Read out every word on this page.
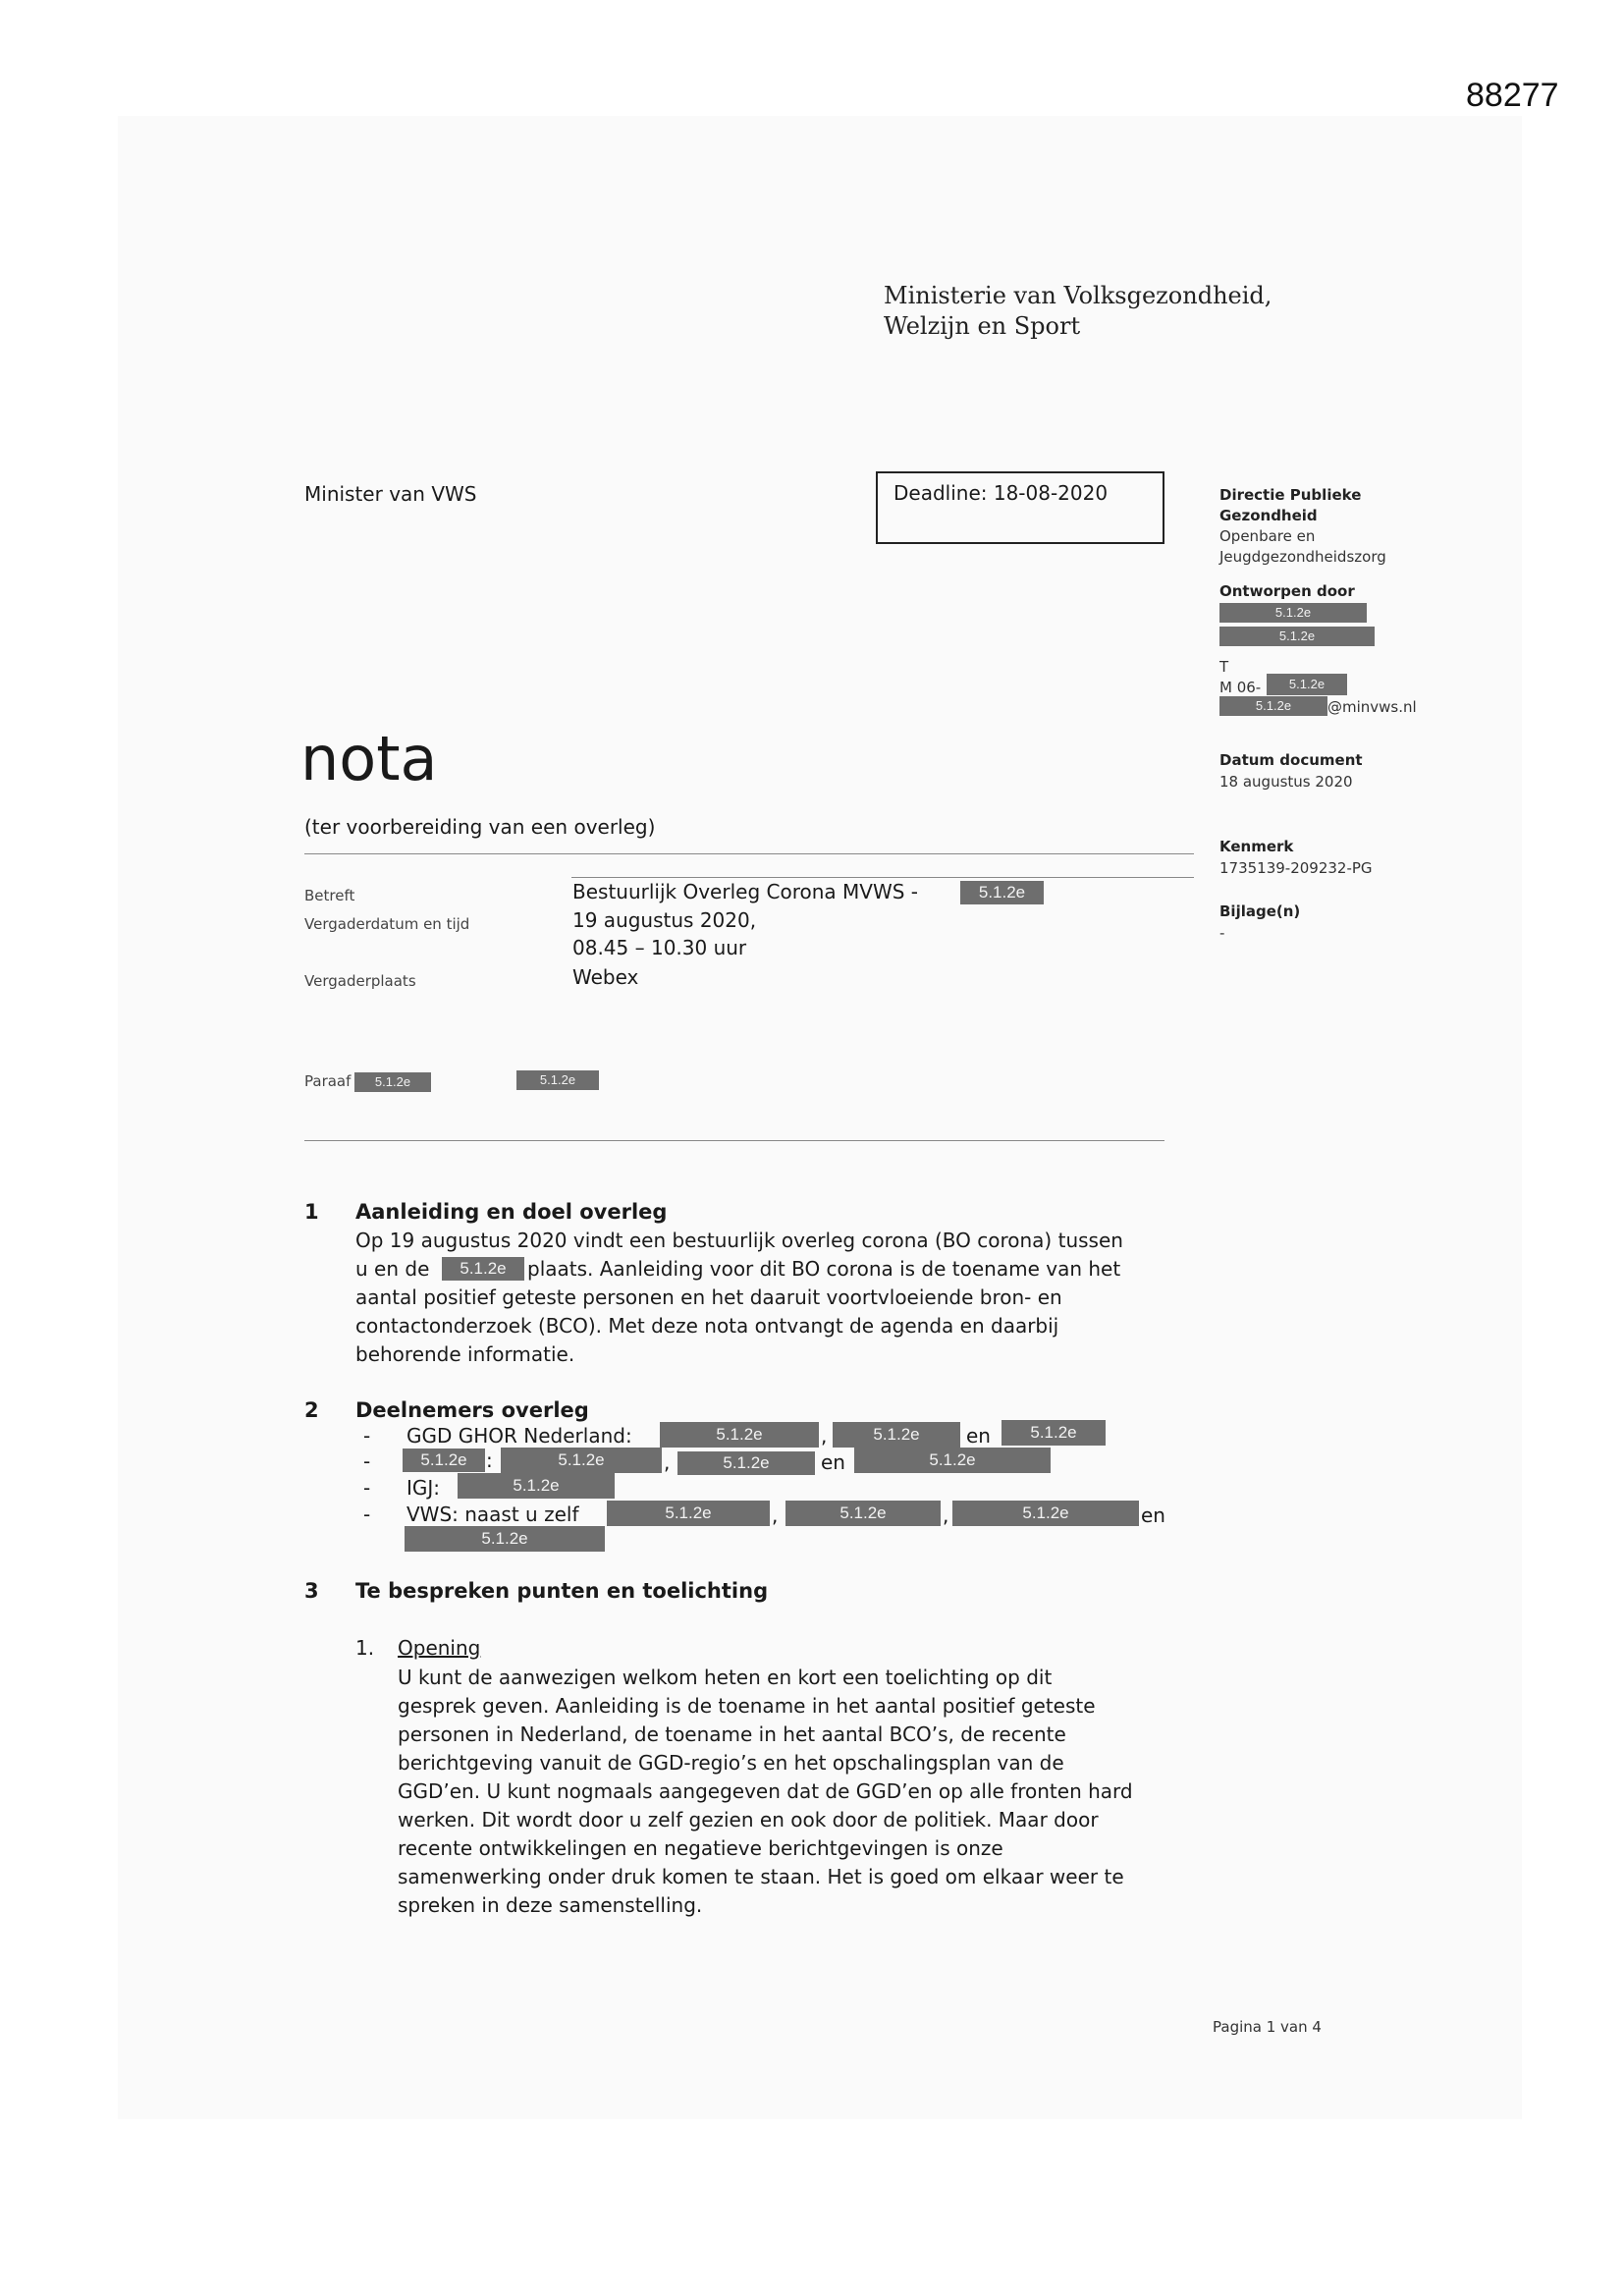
88277
Ministerie van Volksgezondheid,
Welzijn en Sport
Minister van VWS	Deadline: 18-08-2020	Directie Publieke
Gezondheid
Openbare en
Jeugdgezondheidszorg
Ontworpen door
5.1.2e
5.1.2e
T
M 06-	5.1.2e
5.1.2e	@minvws.nl
Datum document
18 augustus 2020
Kenmerk
1735139-209232-PG
Bijlage(n)
-
nota
(ter voorbereiding van een overleg)
Betreft	Bestuurlijk Overleg Corona MVWS -	5.1.2e
Vergaderdatum en tijd	19 augustus 2020,
08.45 – 10.30 uur
Vergaderplaats	Webex
Paraaf	5.1.2e	5.1.2e
1 Aanleiding en doel overleg
Op 19 augustus 2020 vindt een bestuurlijk overleg corona (BO corona) tussen
u en de	5.1.2e	plaats. Aanleiding voor dit BO corona is de toename van het
aantal positief geteste personen en het daaruit voortvloeiende bron- en
contactonderzoek (BCO). Met deze nota ontvangt de agenda en daarbij
behorende informatie.
2 Deelnemers overleg
- GGD GHOR Nederland:	5.1.2e	,	5.1.2e	en	5.1.2e
-	5.1.2e :	5.1.2e	,	5.1.2e	en	5.1.2e
- IGJ:	5.1.2e
- VWS: naast u zelf	5.1.2e	,	5.1.2e	,	5.1.2e	en
5.1.2e
3 Te bespreken punten en toelichting
1. Opening
U kunt de aanwezigen welkom heten en kort een toelichting op dit
gesprek geven. Aanleiding is de toename in het aantal positief geteste
personen in Nederland, de toename in het aantal BCO’s, de recente
berichtgeving vanuit de GGD-regio’s en het opschalingsplan van de
GGD’en. U kunt nogmaals aangegeven dat de GGD’en op alle fronten hard
werken. Dit wordt door u zelf gezien en ook door de politiek. Maar door
recente ontwikkelingen en negatieve berichtgevingen is onze
samenwerking onder druk komen te staan. Het is goed om elkaar weer te
spreken in deze samenstelling.
Pagina 1 van 4
